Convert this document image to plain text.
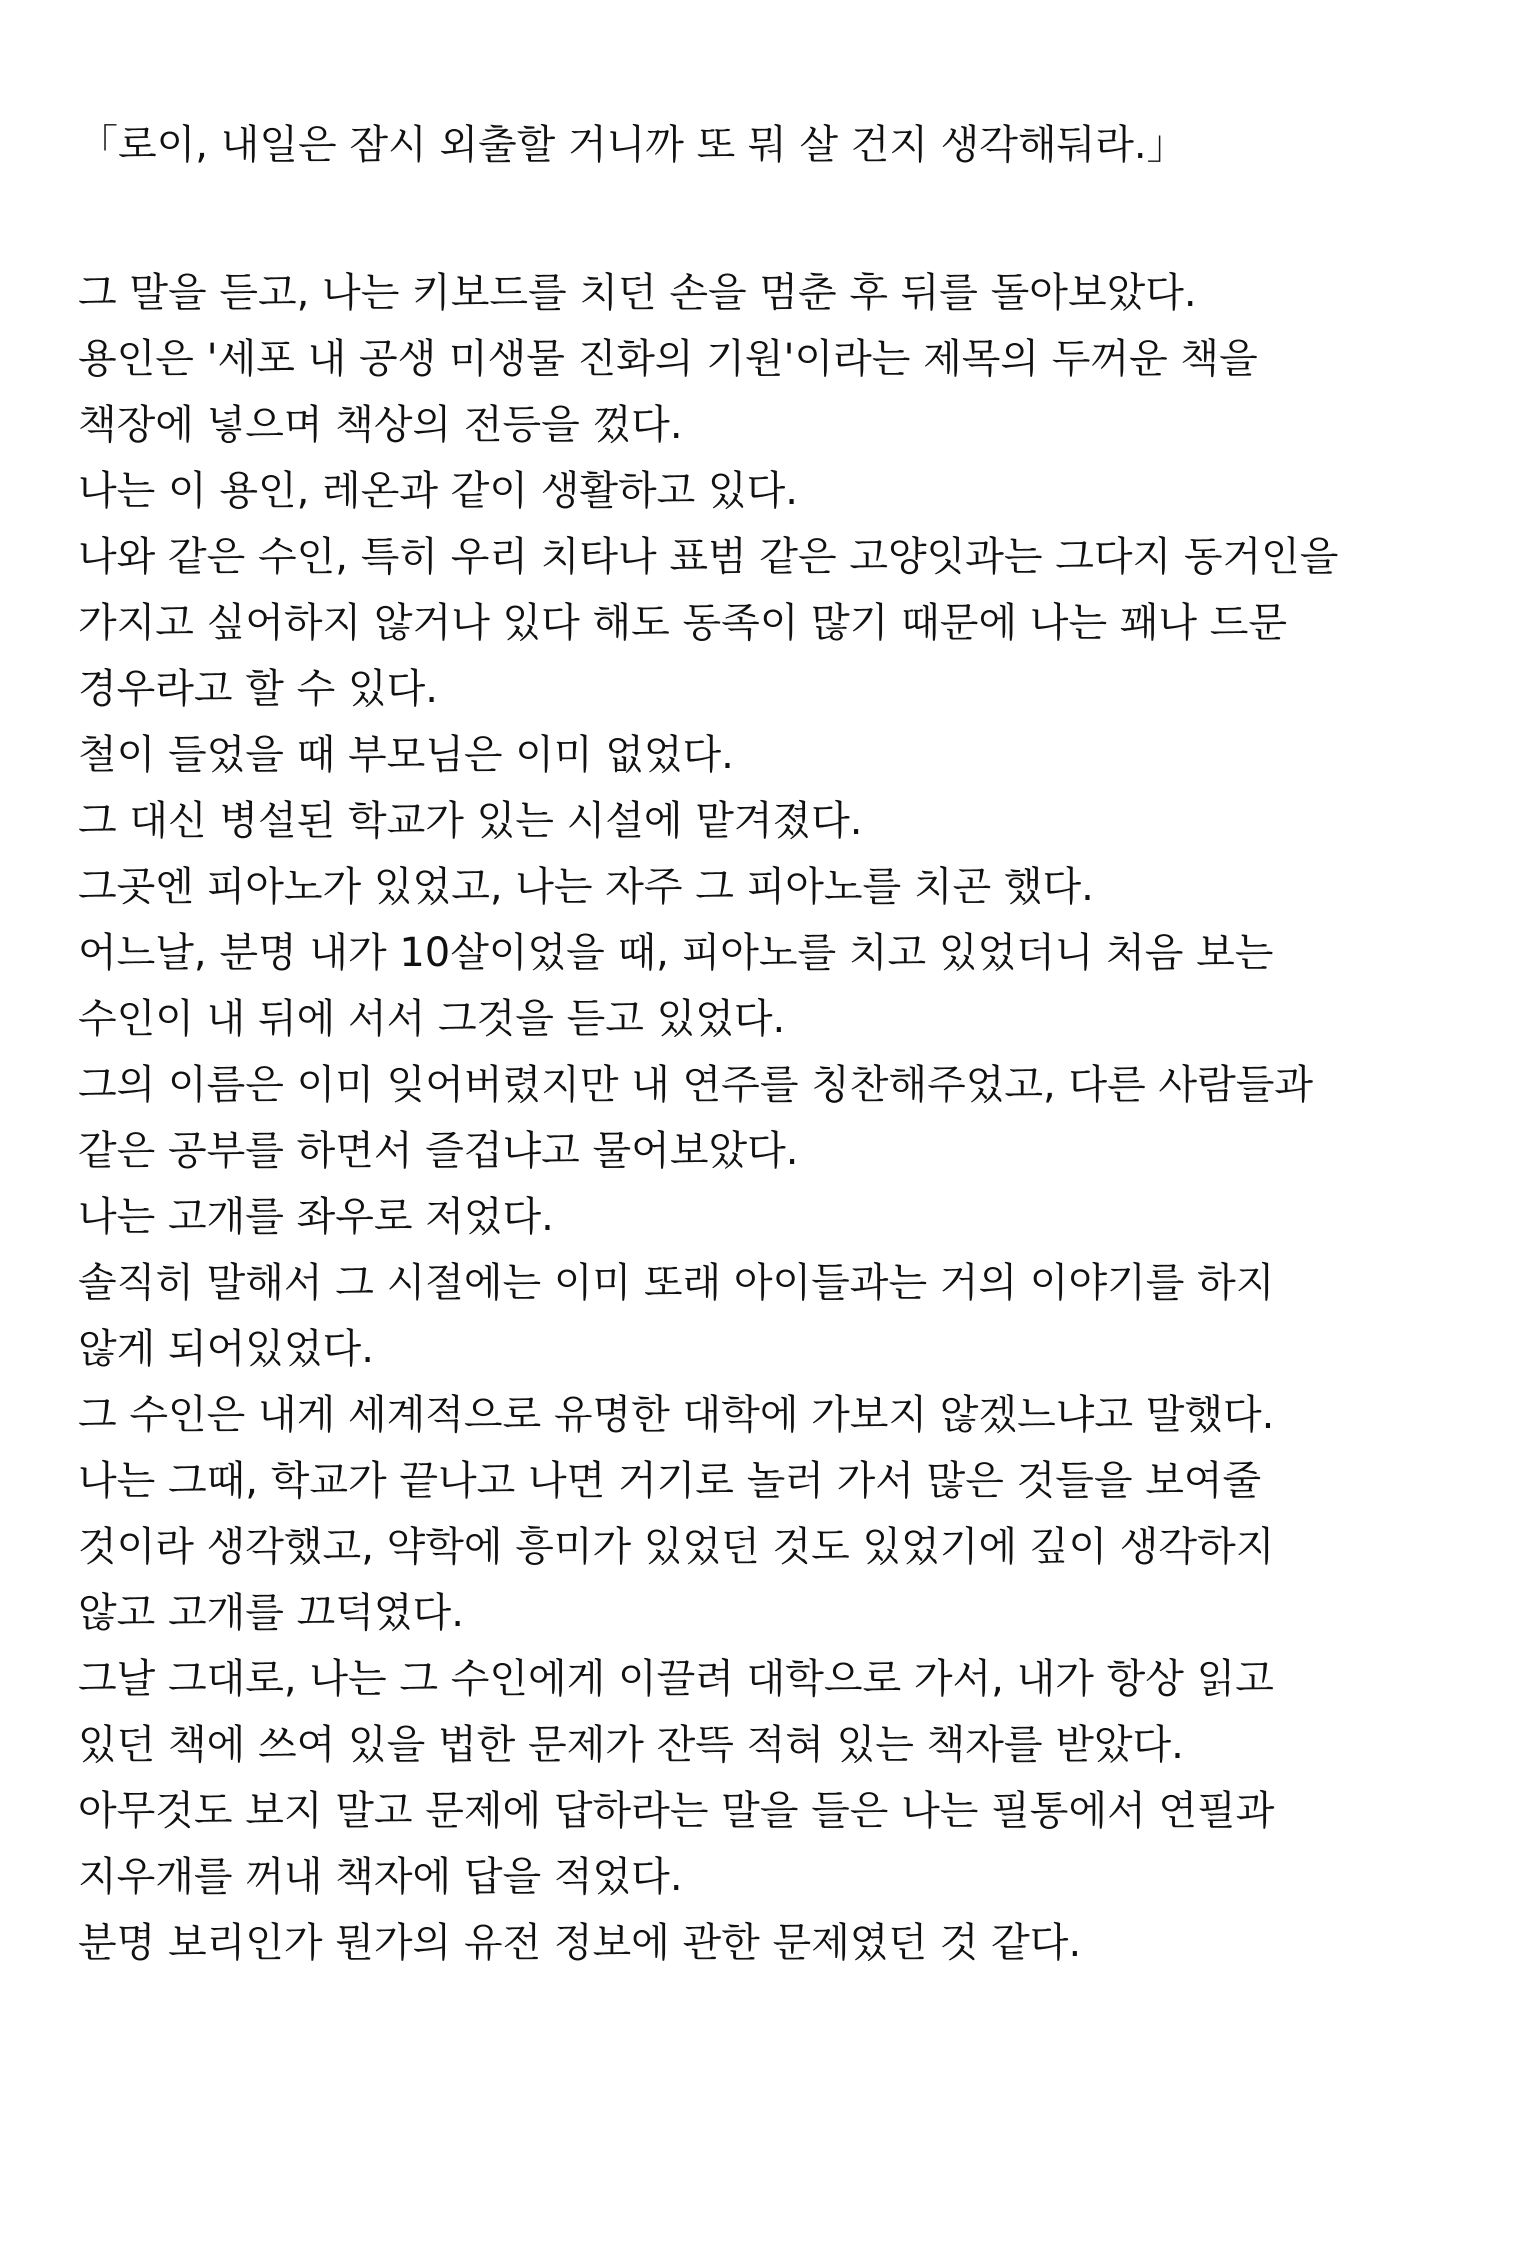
「로이, 내일은 잠시 외출할 거니까 또 뭐 살 건지 생각해둬라.」
그 말을 듣고, 나는 키보드를 치던 손을 멈춘 후 뒤를 돌아보았다.
용인은 '세포 내 공생 미생물 진화의 기원'이라는 제목의 두꺼운 책을
책장에 넣으며 책상의 전등을 껐다.
나는 이 용인, 레온과 같이 생활하고 있다.
나와 같은 수인, 특히 우리 치타나 표범 같은 고양잇과는 그다지 동거인을
가지고 싶어하지 않거나 있다 해도 동족이 많기 때문에 나는 꽤나 드문
경우라고 할 수 있다.
철이 들었을 때 부모님은 이미 없었다.
그 대신 병설된 학교가 있는 시설에 맡겨졌다.
그곳엔 피아노가 있었고, 나는 자주 그 피아노를 치곤 했다.
어느날, 분명 내가 10살이었을 때, 피아노를 치고 있었더니 처음 보는
수인이 내 뒤에 서서 그것을 듣고 있었다.
그의 이름은 이미 잊어버렸지만 내 연주를 칭찬해주었고, 다른 사람들과
같은 공부를 하면서 즐겁냐고 물어보았다.
나는 고개를 좌우로 저었다.
솔직히 말해서 그 시절에는 이미 또래 아이들과는 거의 이야기를 하지
않게 되어있었다.
그 수인은 내게 세계적으로 유명한 대학에 가보지 않겠느냐고 말했다.
나는 그때, 학교가 끝나고 나면 거기로 놀러 가서 많은 것들을 보여줄
것이라 생각했고, 약학에 흥미가 있었던 것도 있었기에 깊이 생각하지
않고 고개를 끄덕였다.
그날 그대로, 나는 그 수인에게 이끌려 대학으로 가서, 내가 항상 읽고
있던 책에 쓰여 있을 법한 문제가 잔뜩 적혀 있는 책자를 받았다.
아무것도 보지 말고 문제에 답하라는 말을 들은 나는 필통에서 연필과
지우개를 꺼내 책자에 답을 적었다.
분명 보리인가 뭔가의 유전 정보에 관한 문제였던 것 같다.
